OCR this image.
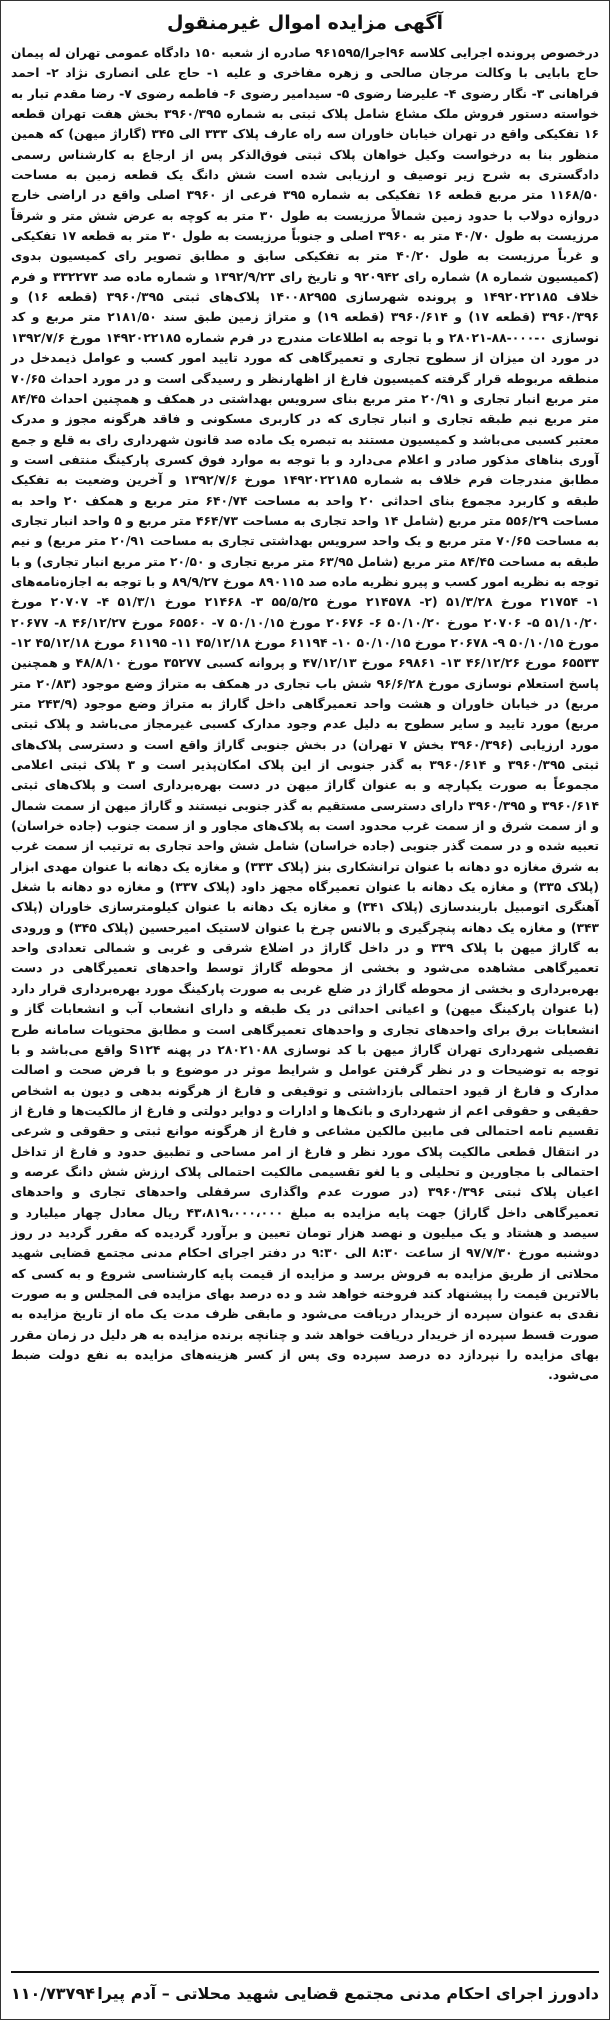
آگهی مزایده اموال غیرمنقول
درخصوص پرونده اجرایی کلاسه ۹۶اجرا/۹۶۱۵۹۵ صادره از شعبه ۱۵۰ دادگاه عمومی تهران له پیمان حاج بابایی با وکالت مرجان صالحی و زهره مفاخری و علیه ۱- حاج علی انصاری نژاد ۲- احمد فراهانی ۳- نگار رضوی ۴- علیرضا رضوی ۵- سیدامیر رضوی ۶- فاطمه رضوی ۷- رضا مقدم تبار به خواسته دستور فروش ملک مشاع شامل پلاک ثبتی به شماره ۳۹۶۰/۳۹۵ بخش هفت تهران قطعه ۱۶ تفکیکی واقع در تهران خیابان خاوران سه راه عارف پلاک ۳۳۳ الی ۳۴۵ (گاراژ میهن) که همین منظور بنا به درخواست وکیل خواهان پلاک ثبتی فوق‌الذکر پس از ارجاع به کارشناس رسمی دادگستری به شرح زیر توصیف و ارزیابی شده است شش دانگ یک قطعه زمین به مساحت ۱۱۶۸/۵۰ متر مربع قطعه ۱۶ تفکیکی به شماره ۳۹۵ فرعی از ۳۹۶۰ اصلی واقع در اراضی خارج دروازه دولاب با حدود زمین شمالاً مرزیست به طول ۳۰ متر به کوچه به عرض شش متر و شرقاً مرزیست به طول ۴۰/۷۰ متر به ۳۹۶۰ اصلی و جنوباً مرزیست به طول ۳۰ متر به قطعه ۱۷ تفکیکی و غرباً مرزیست به طول ۴۰/۲۰ متر به تفکیکی سابق و مطابق تصویر رای کمیسیون بدوی (کمیسیون شماره ۸) شماره رای ۹۲۰۹۴۲ و تاریخ رای ۱۳۹۲/۹/۲۳ و شماره ماده صد ۳۳۲۲۷۳ و فرم خلاف ۱۴۹۲۰۲۲۱۸۵ و پرونده شهرسازی ۱۴۰۰۸۲۹۵۵ پلاک‌های ثبتی ۳۹۶۰/۳۹۵ (قطعه ۱۶) و ۳۹۶۰/۳۹۶ (قطعه ۱۷) و ۳۹۶۰/۶۱۴ (قطعه ۱۹) و متراژ زمین طبق سند ۲۱۸۱/۵۰ متر مربع و کد نوسازی ۰-۰۰۰-۸۸-۲۸۰۲۱ و با توجه به اطلاعات مندرج در فرم شماره ۱۴۹۲۰۲۲۱۸۵ مورخ ۱۳۹۲/۷/۶ در مورد ان میزان از سطوح تجاری و تعمیرگاهی که مورد تایید امور کسب و عوامل ذیمدخل در منطقه مربوطه قرار گرفته کمیسیون فارغ از اظهارنظر و رسیدگی است و در مورد احداث ۷۰/۶۵ متر مربع انبار تجاری و ۲۰/۹۱ متر مربع بنای سرویس بهداشتی در همکف و همچنین احداث ۸۴/۴۵ متر مربع نیم طبقه تجاری و انبار تجاری که در کاربری مسکونی و فاقد هرگونه مجوز و مدرک معتبر کسبی می‌باشد و کمیسیون مستند به تبصره یک ماده صد قانون شهرداری رای به قلع و جمع آوری بناهای مذکور صادر و اعلام می‌دارد و با توجه به موارد فوق کسری پارکینگ منتفی است و مطابق مندرجات فرم خلاف به شماره ۱۴۹۲۰۲۲۱۸۵ مورخ ۱۳۹۲/۷/۶ و آخرین وضعیت به تفکیک طبقه و کاربرد مجموع بنای احداثی ۲۰ واحد به مساحت ۶۴۰/۷۴ متر مربع و همکف ۲۰ واحد به مساحت ۵۵۶/۲۹ متر مربع (شامل ۱۴ واحد تجاری به مساحت ۴۶۴/۷۳ متر مربع و ۵ واحد انبار تجاری به مساحت ۷۰/۶۵ متر مربع و یک واحد سرویس بهداشتی تجاری به مساحت ۲۰/۹۱ متر مربع) و نیم طبقه به مساحت ۸۴/۴۵ متر مربع (شامل ۶۳/۹۵ متر مربع تجاری و ۲۰/۵۰ متر مربع انبار تجاری) و با توجه به نظریه امور کسب و پیرو نظریه ماده صد ۸۹۰۱۱۵ مورخ ۸۹/۹/۲۷ و با توجه به اجازه‌نامه‌های ۱- ۲۱۷۵۴ مورخ ۵۱/۳/۲۸ (۲- ۲۱۴۵۷۸ مورخ ۵۵/۵/۲۵ ۳- ۲۱۴۶۸ مورخ ۵۱/۳/۱ ۴- ۲۰۷۰۷ مورخ ۵۱/۱۰/۲۰ ۵- ۲۰۷۰۶ مورخ ۵۰/۱۰/۲۰ ۶- ۲۰۶۷۶ مورخ ۵۰/۱۰/۱۵ ۷- ۶۵۵۶۰ مورخ ۴۶/۱۲/۲۷ ۸- ۲۰۶۷۷ مورخ ۵۰/۱۰/۱۵ ۹- ۲۰۶۷۸ مورخ ۵۰/۱۰/۱۵ ۱۰- ۶۱۱۹۴ مورخ ۴۵/۱۲/۱۸ ۱۱- ۶۱۱۹۵ مورخ ۴۵/۱۲/۱۸ ۱۲- ۶۵۵۳۳ مورخ ۴۶/۱۲/۲۶ ۱۳- ۶۹۸۶۱ مورخ ۴۷/۱۲/۱۳ و پروانه کسبی ۳۵۲۷۷ مورخ ۴۸/۸/۱۰ و همچنین پاسخ استعلام نوسازی مورخ ۹۶/۶/۲۸ شش باب تجاری در همکف به متراژ وضع موجود (۲۰/۸۳ متر مربع) در خیابان خاوران و هشت واحد تعمیرگاهی داخل گاراژ به متراژ وضع موجود (۲۴۳/۹ متر مربع) مورد تایید و سایر سطوح به دلیل عدم وجود مدارک کسبی غیرمجاز می‌باشد و پلاک ثبتی مورد ارزیابی (۳۹۶۰/۳۹۶ بخش ۷ تهران) در بخش جنوبی گاراژ واقع است و دسترسی پلاک‌های ثبتی ۳۹۶۰/۳۹۵ و ۳۹۶۰/۶۱۴ به گذر جنوبی از این پلاک امکان‌پذیر است و ۳ پلاک ثبتی اعلامی مجموعاً به صورت یکپارچه و به عنوان گاراژ میهن در دست بهره‌برداری است و پلاک‌های ثبتی ۳۹۶۰/۶۱۴ و ۳۹۶۰/۳۹۵ دارای دسترسی مستقیم به گذر جنوبی نیستند و گاراژ میهن از سمت شمال و از سمت شرق و از سمت غرب محدود است به پلاک‌های مجاور و از سمت جنوب (جاده خراسان) تعبیه شده و در سمت گذر جنوبی (جاده خراسان) شامل شش واحد تجاری به ترتیب از سمت غرب به شرق مغازه دو دهانه با عنوان ترانشکاری بنز (پلاک ۳۳۳) و مغازه یک دهانه با عنوان مهدی ابزار (پلاک ۳۳۵) و مغازه یک دهانه با عنوان تعمیرگاه مجهز داود (پلاک ۳۳۷) و مغازه دو دهانه با شغل آهنگری اتومبیل باربندسازی (پلاک ۳۴۱) و مغازه یک دهانه با عنوان کیلومترسازی خاوران (پلاک ۳۴۳) و مغازه یک دهانه پنچرگیری و بالانس چرخ با عنوان لاستیک امیرحسین (پلاک ۳۴۵) و ورودی به گاراژ میهن با پلاک ۳۳۹ و در داخل گاراژ در اضلاع شرقی و غربی و شمالی تعدادی واحد تعمیرگاهی مشاهده می‌شود و بخشی از محوطه گاراژ توسط واحدهای تعمیرگاهی در دست بهره‌برداری و بخشی از محوطه گاراژ در ضلع غربی به صورت پارکینگ مورد بهره‌برداری قرار دارد (با عنوان پارکینگ میهن) و اعیانی احداثی در یک طبقه و دارای انشعاب آب و انشعابات گاز و انشعابات برق برای واحدهای تجاری و واحدهای تعمیرگاهی است و مطابق محتویات سامانه طرح تفصیلی شهرداری تهران گاراژ میهن با کد نوسازی ۲۸۰۲۱۰۸۸ در پهنه S۱۲۴ واقع می‌باشد و با توجه به توضیحات و در نظر گرفتن عوامل و شرایط موثر در موضوع و با فرض صحت و اصالت مدارک و فارغ از قیود احتمالی بازداشتی و توقیفی و فارغ از هرگونه بدهی و دیون به اشخاص حقیقی و حقوقی اعم از شهرداری و بانک‌ها و ادارات و دوایر دولتی و فارغ از مالکیت‌ها و فارغ از تقسیم نامه احتمالی فی مابین مالکین مشاعی و فارغ از هرگونه موانع ثبتی و حقوقی و شرعی در انتقال قطعی مالکیت پلاک مورد نظر و فارغ از امر مساحی و تطبیق حدود و فارغ از تداخل احتمالی با مجاورین و تحلیلی و یا لغو تقسیمی مالکیت احتمالی پلاک ارزش شش دانگ عرصه و اعیان پلاک ثبتی ۳۹۶۰/۳۹۶ (در صورت عدم واگذاری سرقفلی واحدهای تجاری و واحدهای تعمیرگاهی داخل گاراژ) جهت پایه مزایده به مبلغ ۴۳،۸۱۹،۰۰۰،۰۰۰ ریال معادل چهار میلیارد و سیصد و هشتاد و یک میلیون و نهصد هزار تومان تعیین و برآورد گردیده که مقرر گردید در روز دوشنبه مورخ ۹۷/۷/۳۰ از ساعت ۸:۳۰ الی ۹:۳۰ در دفتر اجرای احکام مدنی مجتمع قضایی شهید محلاتی از طریق مزایده به فروش برسد و مزایده از قیمت پایه کارشناسی شروع و به کسی که بالاترین قیمت را پیشنهاد کند فروخته خواهد شد و ده درصد بهای مزایده فی المجلس و به صورت نقدی به عنوان سپرده از خریدار دریافت می‌شود و مابقی ظرف مدت یک ماه از تاریخ مزایده به صورت قسط سپرده از خریدار دریافت خواهد شد و چنانچه برنده مزایده به هر دلیل در زمان مقرر بهای مزایده را نپردازد ده درصد سپرده وی پس از کسر هزینه‌های مزایده به نفع دولت ضبط می‌شود.
دادورز اجرای احکام مدنی مجتمع قضایی شهید محلاتی – آدم پیرا
۱۱۰/۷۳۷۹۴
